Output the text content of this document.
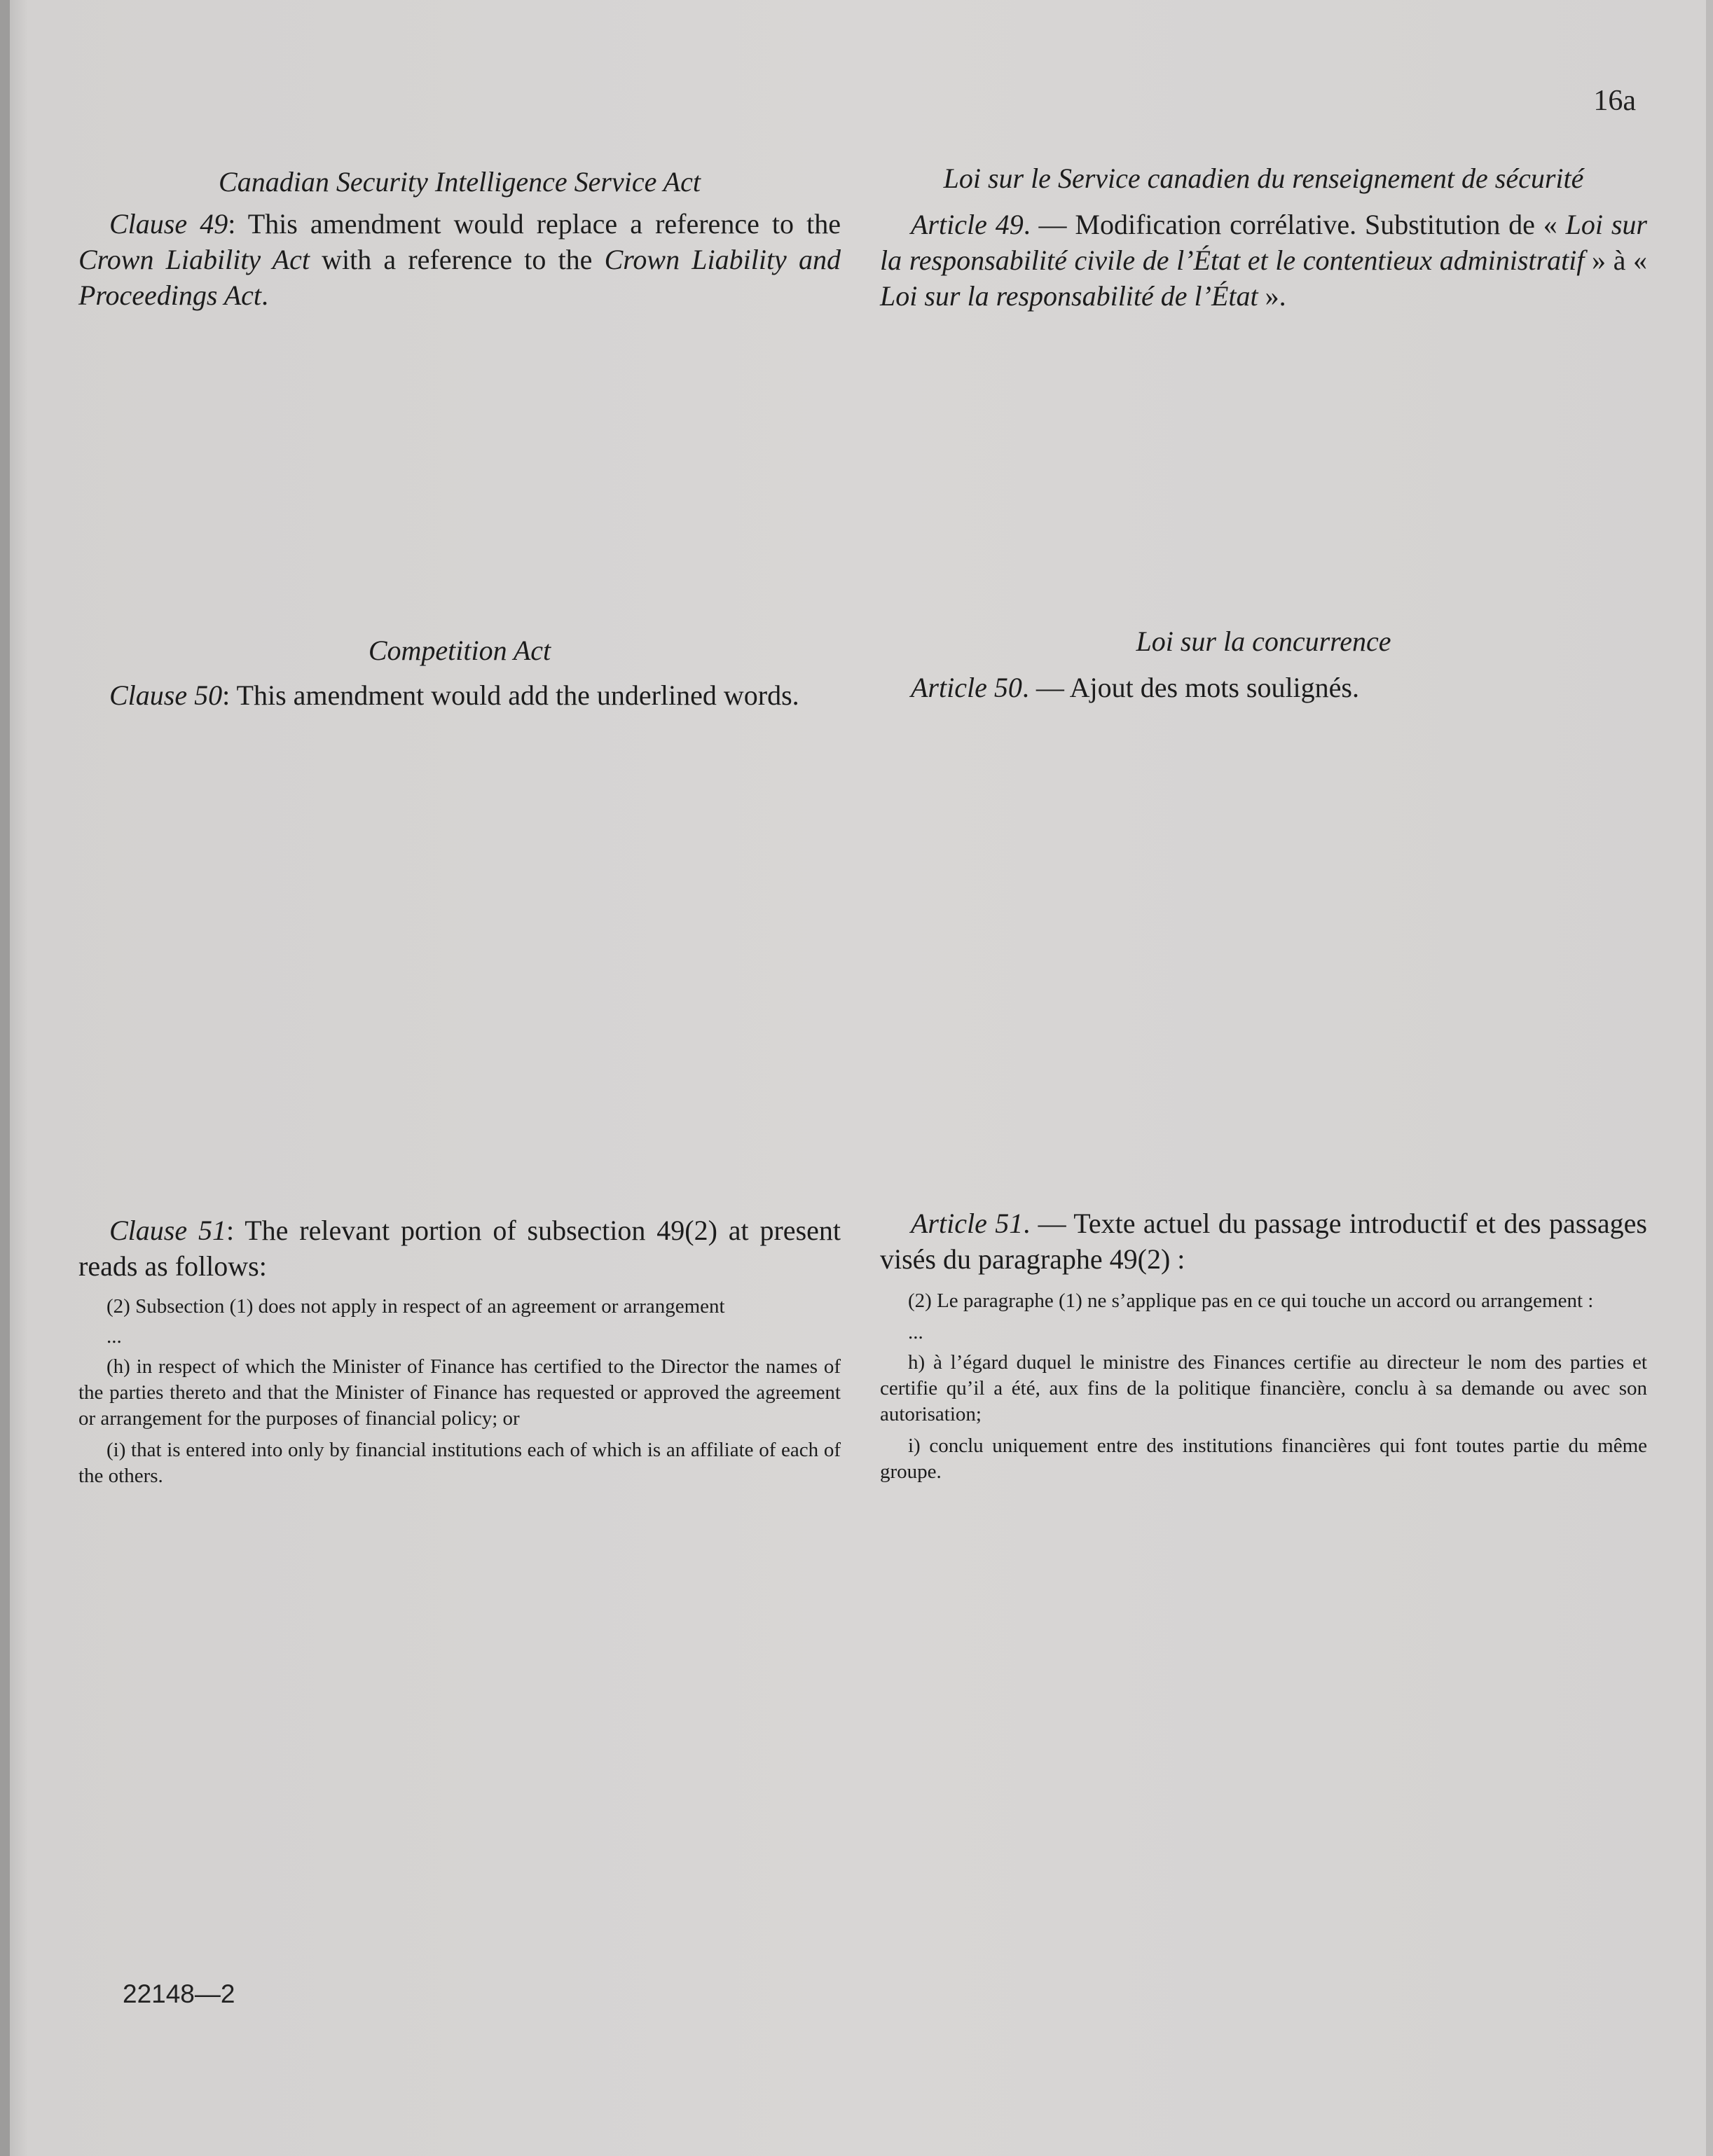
16a
Canadian Security Intelligence Service Act

Clause 49: This amendment would replace a reference to the Crown Liability Act with a reference to the Crown Liability and Proceedings Act.

Competition Act

Clause 50: This amendment would add the underlined words.

Clause 51: The relevant portion of subsection 49(2) at present reads as follows:

(2) Subsection (1) does not apply in respect of an agreement or arrangement

...

(h) in respect of which the Minister of Finance has certified to the Director the names of the parties thereto and that the Minister of Finance has requested or approved the agreement or arrangement for the purposes of financial policy; or

(i) that is entered into only by financial institutions each of which is an affiliate of each of the others.

Loi sur le Service canadien du renseignement de sécurité

Article 49. — Modification corrélative. Substitution de « Loi sur la responsabilité civile de l’État et le contentieux administratif » à « Loi sur la responsabilité de l’État ».

Loi sur la concurrence

Article 50. — Ajout des mots soulignés.

Article 51. — Texte actuel du passage introductif et des passages visés du paragraphe 49(2) :

(2) Le paragraphe (1) ne s’applique pas en ce qui touche un accord ou arrangement :

...

h) à l’égard duquel le ministre des Finances certifie au directeur le nom des parties et certifie qu’il a été, aux fins de la politique financière, conclu à sa demande ou avec son autorisation;

i) conclu uniquement entre des institutions financières qui font toutes partie du même groupe.

22148—2
